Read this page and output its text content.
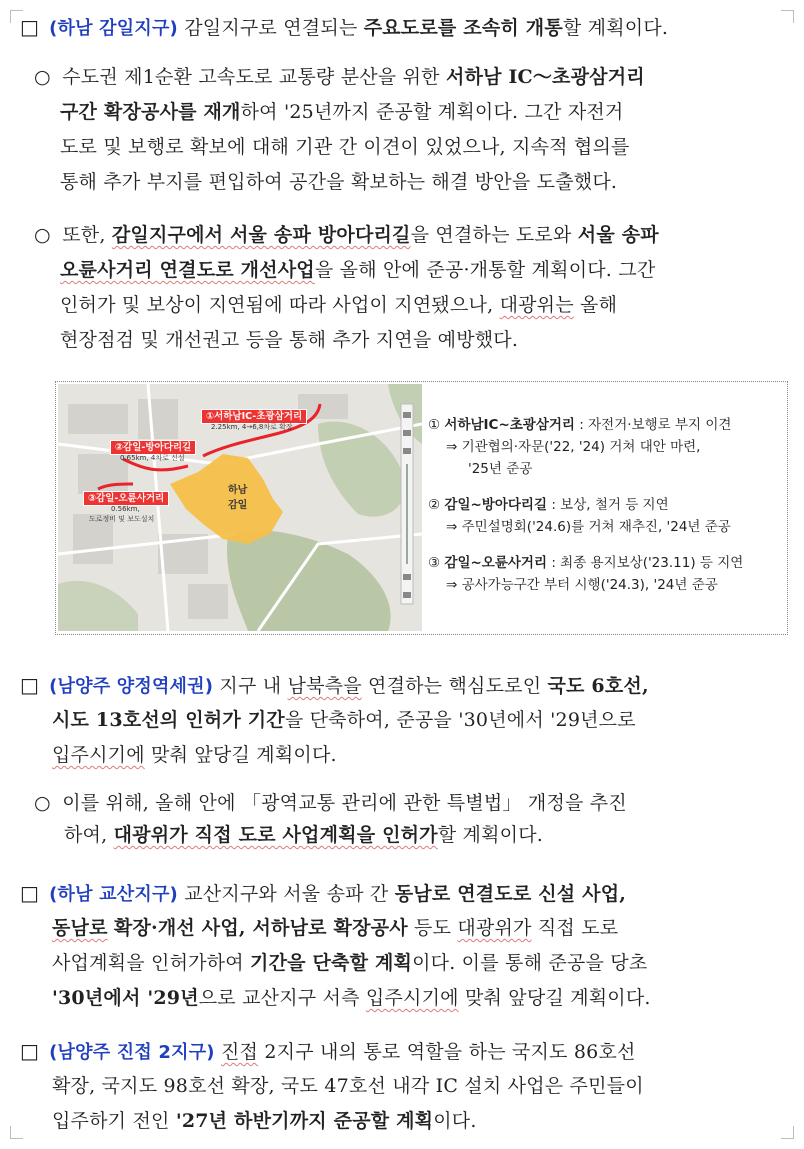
□ (하남 감일지구) 감일지구로 연결되는 주요도로를 조속히 개통할 계획이다.
○ 수도권 제1순환 고속도로 교통량 분산을 위한 서하남 IC～초광삼거리
구간 확장공사를 재개하여 '25년까지 준공할 계획이다. 그간 자전거
도로 및 보행로 확보에 대해 기관 간 이견이 있었으나, 지속적 협의를
통해 추가 부지를 편입하여 공간을 확보하는 해결 방안을 도출했다.
○ 또한, 감일지구에서 서울 송파 방아다리길을 연결하는 도로와 서울 송파
오륜사거리 연결도로 개선사업을 올해 안에 준공·개통할 계획이다. 그간
인허가 및 보상이 지연됨에 따라 사업이 지연됐으나, 대광위는 올해
현장점검 및 개선권고 등을 통해 추가 지연을 예방했다.
①서하남IC-초광삼거리
2.25km, 4→6,8차로 확장
②감일-방아다리길
0.65km, 4차로 신설
③감일-오륜사거리
0.56km,
도로정비 및 보도설치
하남
감일
① 서하남IC~초광삼거리 : 자전거·보행로 부지 이견
⇒ 기관협의·자문('22, '24) 거쳐 대안 마련,
'25년 준공
② 감일~방아다리길 : 보상, 철거 등 지연
⇒ 주민설명회('24.6)를 거쳐 재추진, '24년 준공
③ 감일~오륜사거리 : 최종 용지보상('23.11) 등 지연
⇒ 공사가능구간 부터 시행('24.3), '24년 준공
□ (남양주 양정역세권) 지구 내 남북측을 연결하는 핵심도로인 국도 6호선,
시도 13호선의 인허가 기간을 단축하여, 준공을 '30년에서 '29년으로
입주시기에 맞춰 앞당길 계획이다.
○ 이를 위해, 올해 안에 「광역교통 관리에 관한 특별법」 개정을 추진
하여, 대광위가 직접 도로 사업계획을 인허가할 계획이다.
□ (하남 교산지구) 교산지구와 서울 송파 간 동남로 연결도로 신설 사업,
동남로 확장·개선 사업, 서하남로 확장공사 등도 대광위가 직접 도로
사업계획을 인허가하여 기간을 단축할 계획이다. 이를 통해 준공을 당초
'30년에서 '29년으로 교산지구 서측 입주시기에 맞춰 앞당길 계획이다.
□ (남양주 진접 2지구) 진접 2지구 내의 통로 역할을 하는 국지도 86호선
확장, 국지도 98호선 확장, 국도 47호선 내각 IC 설치 사업은 주민들이
입주하기 전인 '27년 하반기까지 준공할 계획이다.
